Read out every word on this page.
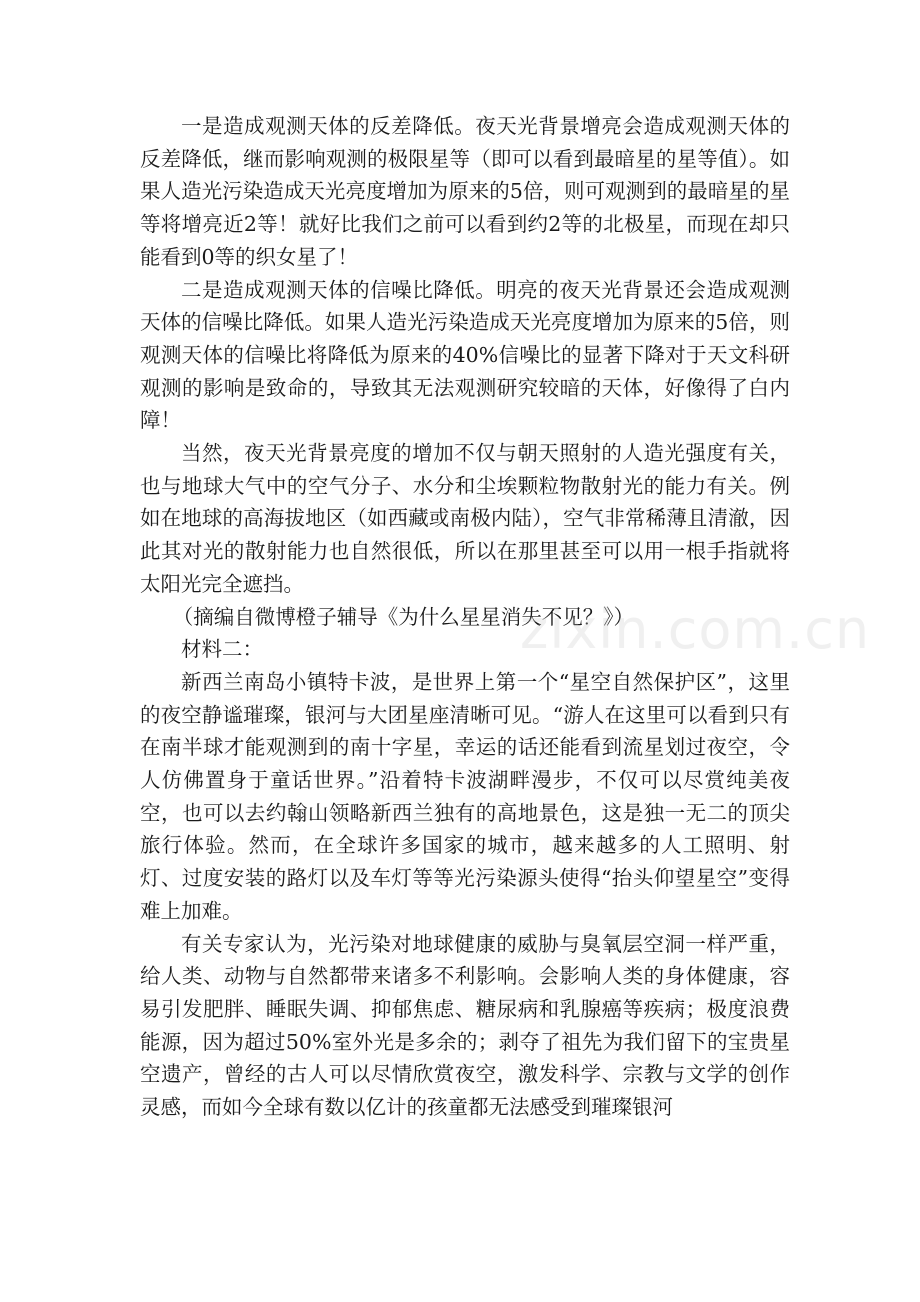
一是造成观测天体的反差降低。夜天光背景增亮会造成观测天体的反差降低，继而影响观测的极限星等（即可以看到最暗星的星等值）。如果人造光污染造成天光亮度增加为原来的5倍，则可观测到的最暗星的星等将增亮近2等！就好比我们之前可以看到约2等的北极星，而现在却只能看到0等的织女星了！

二是造成观测天体的信噪比降低。明亮的夜天光背景还会造成观测天体的信噪比降低。如果人造光污染造成天光亮度增加为原来的5倍，则观测天体的信噪比将降低为原来的40%信噪比的显著下降对于天文科研观测的影响是致命的，导致其无法观测研究较暗的天体，好像得了白内障！

当然，夜天光背景亮度的增加不仅与朝天照射的人造光强度有关，也与地球大气中的空气分子、水分和尘埃颗粒物散射光的能力有关。例如在地球的高海拔地区（如西藏或南极内陆），空气非常稀薄且清澈，因此其对光的散射能力也自然很低，所以在那里甚至可以用一根手指就将太阳光完全遮挡。

（摘编自微博橙子辅导《为什么星星消失不见？》）

材料二：

新西兰南岛小镇特卡波，是世界上第一个“星空自然保护区”，这里的夜空静谧璀璨，银河与大团星座清晰可见。“游人在这里可以看到只有在南半球才能观测到的南十字星，幸运的话还能看到流星划过夜空，令人仿佛置身于童话世界。”沿着特卡波湖畔漫步，不仅可以尽赏纯美夜空，也可以去约翰山领略新西兰独有的高地景色，这是独一无二的顶尖旅行体验。然而，在全球许多国家的城市，越来越多的人工照明、射灯、过度安装的路灯以及车灯等等光污染源头使得“抬头仰望星空”变得难上加难。

有关专家认为，光污染对地球健康的威胁与臭氧层空洞一样严重，给人类、动物与自然都带来诸多不利影响。会影响人类的身体健康，容易引发肥胖、睡眠失调、抑郁焦虑、糖尿病和乳腺癌等疾病；极度浪费能源，因为超过50%室外光是多余的；剥夺了祖先为我们留下的宝贵星空遗产，曾经的古人可以尽情欣赏夜空，激发科学、宗教与文学的创作灵感，而如今全球有数以亿计的孩童都无法感受到璀璨银河

zixin.com.cn
